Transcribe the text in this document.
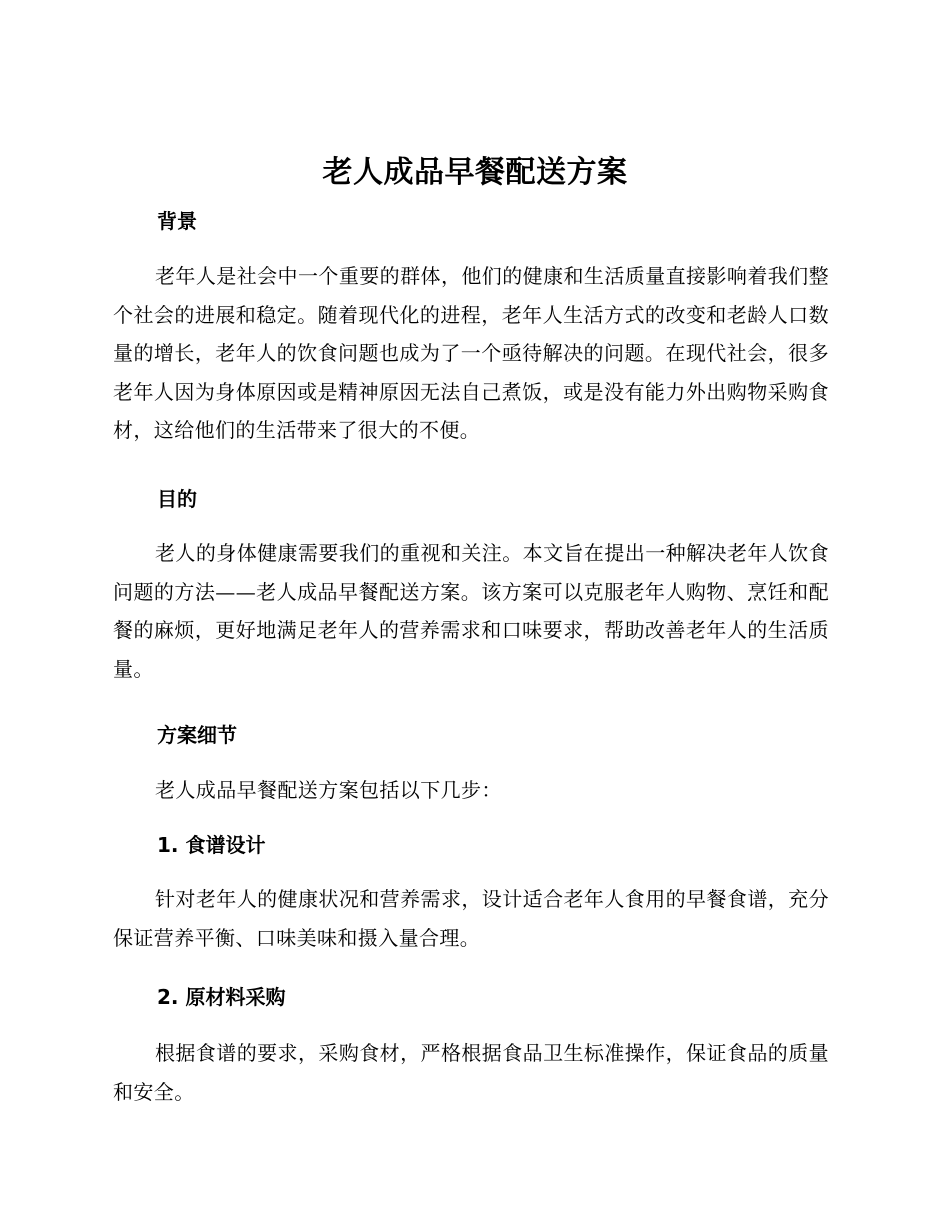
老人成品早餐配送方案
背景

老年人是社会中一个重要的群体，他们的健康和生活质量直接影响着我们整个社会的进展和稳定。随着现代化的进程，老年人生活方式的改变和老龄人口数量的增长，老年人的饮食问题也成为了一个亟待解决的问题。在现代社会，很多老年人因为身体原因或是精神原因无法自己煮饭，或是没有能力外出购物采购食材，这给他们的生活带来了很大的不便。

目的

老人的身体健康需要我们的重视和关注。本文旨在提出一种解决老年人饮食问题的方法——老人成品早餐配送方案。该方案可以克服老年人购物、烹饪和配餐的麻烦，更好地满足老年人的营养需求和口味要求，帮助改善老年人的生活质量。

方案细节

老人成品早餐配送方案包括以下几步：

1. 食谱设计

针对老年人的健康状况和营养需求，设计适合老年人食用的早餐食谱，充分保证营养平衡、口味美味和摄入量合理。

2. 原材料采购

根据食谱的要求，采购食材，严格根据食品卫生标准操作，保证食品的质量和安全。
